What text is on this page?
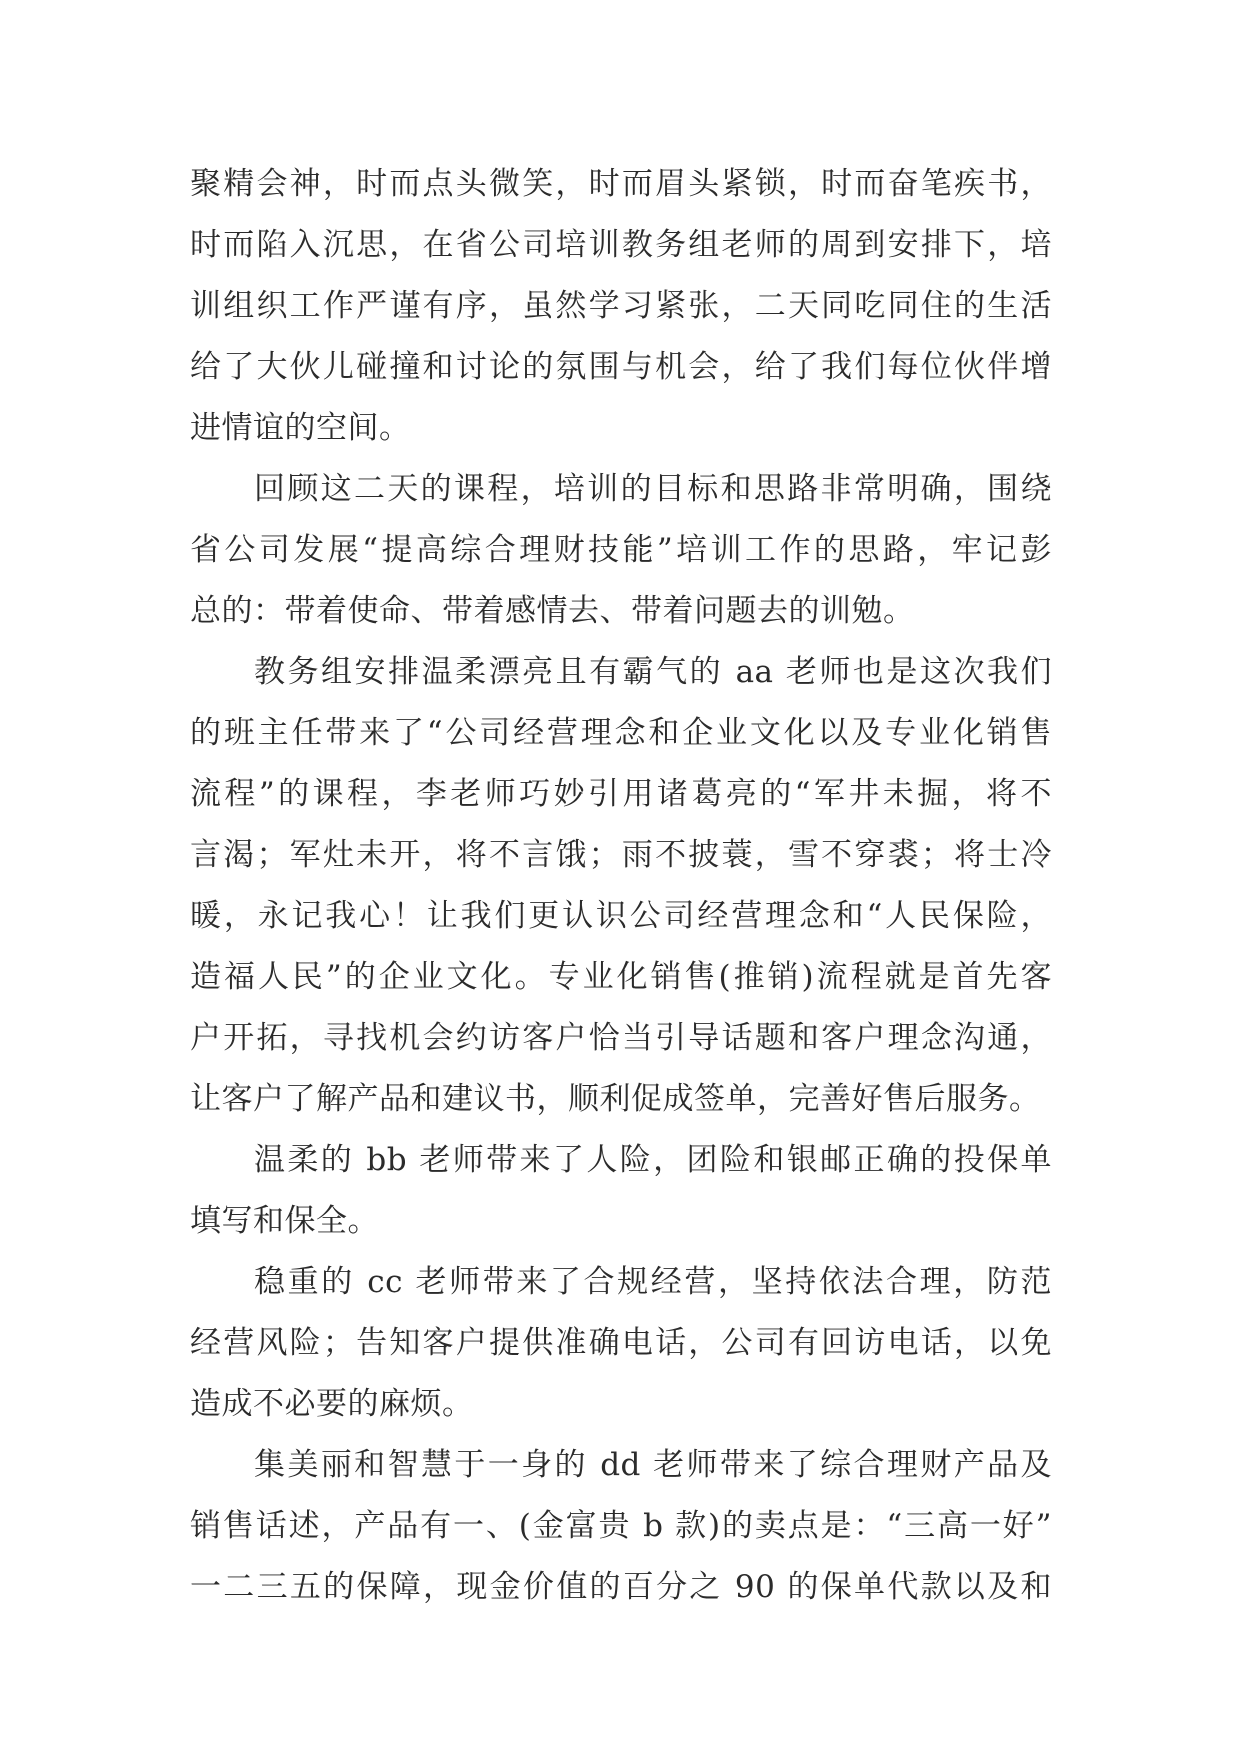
聚精会神，时而点头微笑，时而眉头紧锁，时而奋笔疾书，
时而陷入沉思，在省公司培训教务组老师的周到安排下，培
训组织工作严谨有序，虽然学习紧张，二天同吃同住的生活
给了大伙儿碰撞和讨论的氛围与机会，给了我们每位伙伴增
进情谊的空间。
回顾这二天的课程，培训的目标和思路非常明确，围绕
省公司发展“提高综合理财技能”培训工作的思路，牢记彭
总的：带着使命、带着感情去、带着问题去的训勉。
教务组安排温柔漂亮且有霸气的 aa 老师也是这次我们
的班主任带来了“公司经营理念和企业文化以及专业化销售
流程”的课程，李老师巧妙引用诸葛亮的“军井未掘，将不
言渴；军灶未开，将不言饿；雨不披蓑，雪不穿裘；将士冷
暖，永记我心！让我们更认识公司经营理念和“人民保险，
造福人民”的企业文化。专业化销售(推销)流程就是首先客
户开拓，寻找机会约访客户恰当引导话题和客户理念沟通，
让客户了解产品和建议书，顺利促成签单，完善好售后服务。
温柔的 bb 老师带来了人险，团险和银邮正确的投保单
填写和保全。
稳重的 cc 老师带来了合规经营，坚持依法合理，防范
经营风险；告知客户提供准确电话，公司有回访电话，以免
造成不必要的麻烦。
集美丽和智慧于一身的 dd 老师带来了综合理财产品及
销售话述，产品有一、(金富贵 b 款)的卖点是：“三高一好”
一二三五的保障，现金价值的百分之 90 的保单代款以及和
